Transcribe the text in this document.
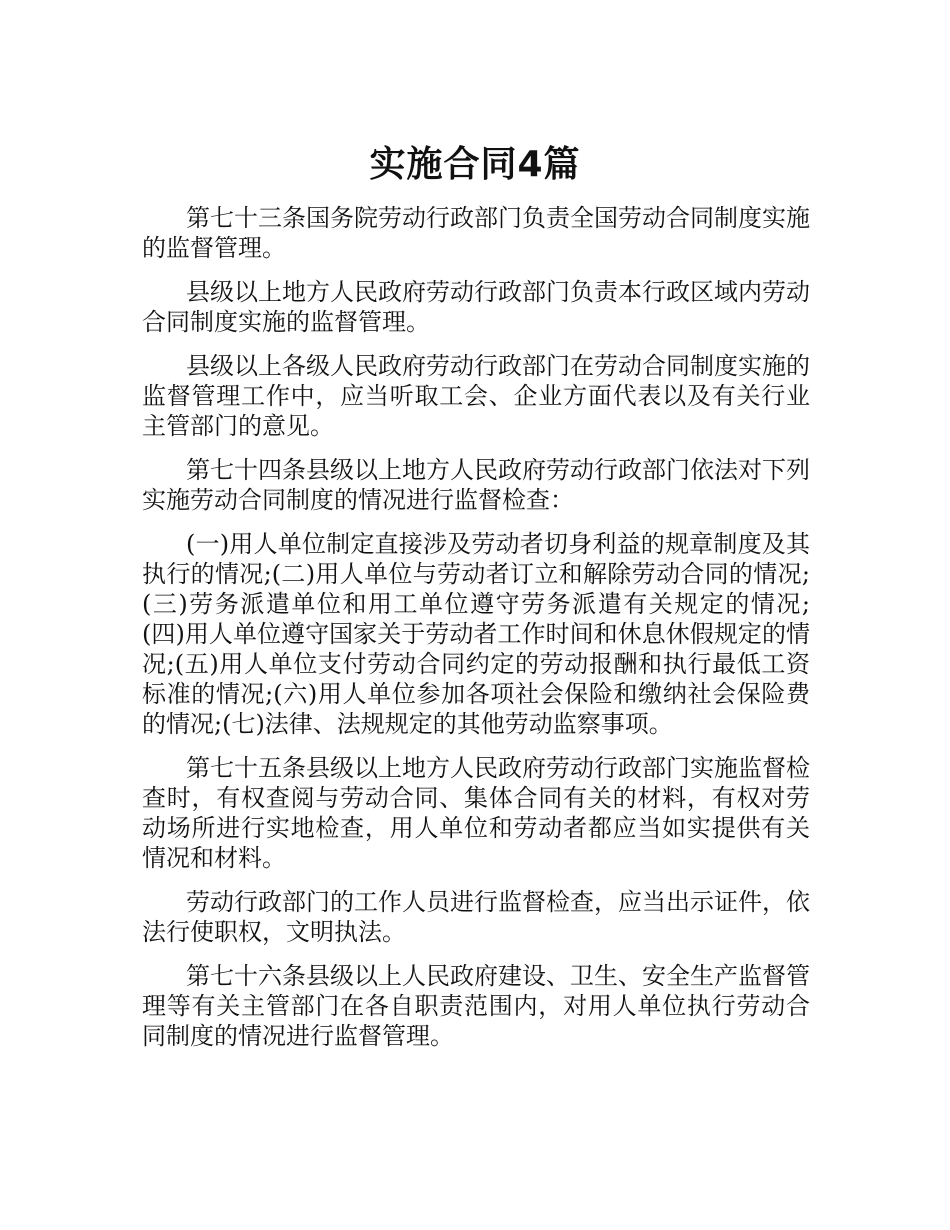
实施合同4篇

第七十三条国务院劳动行政部门负责全国劳动合同制度实施的监督管理。

县级以上地方人民政府劳动行政部门负责本行政区域内劳动合同制度实施的监督管理。

县级以上各级人民政府劳动行政部门在劳动合同制度实施的监督管理工作中，应当听取工会、企业方面代表以及有关行业主管部门的意见。

第七十四条县级以上地方人民政府劳动行政部门依法对下列实施劳动合同制度的情况进行监督检查：

(一)用人单位制定直接涉及劳动者切身利益的规章制度及其执行的情况;(二)用人单位与劳动者订立和解除劳动合同的情况;(三)劳务派遣单位和用工单位遵守劳务派遣有关规定的情况;(四)用人单位遵守国家关于劳动者工作时间和休息休假规定的情况;(五)用人单位支付劳动合同约定的劳动报酬和执行最低工资标准的情况;(六)用人单位参加各项社会保险和缴纳社会保险费的情况;(七)法律、法规规定的其他劳动监察事项。

第七十五条县级以上地方人民政府劳动行政部门实施监督检查时，有权查阅与劳动合同、集体合同有关的材料，有权对劳动场所进行实地检查，用人单位和劳动者都应当如实提供有关情况和材料。

劳动行政部门的工作人员进行监督检查，应当出示证件，依法行使职权，文明执法。

第七十六条县级以上人民政府建设、卫生、安全生产监督管理等有关主管部门在各自职责范围内，对用人单位执行劳动合同制度的情况进行监督管理。
